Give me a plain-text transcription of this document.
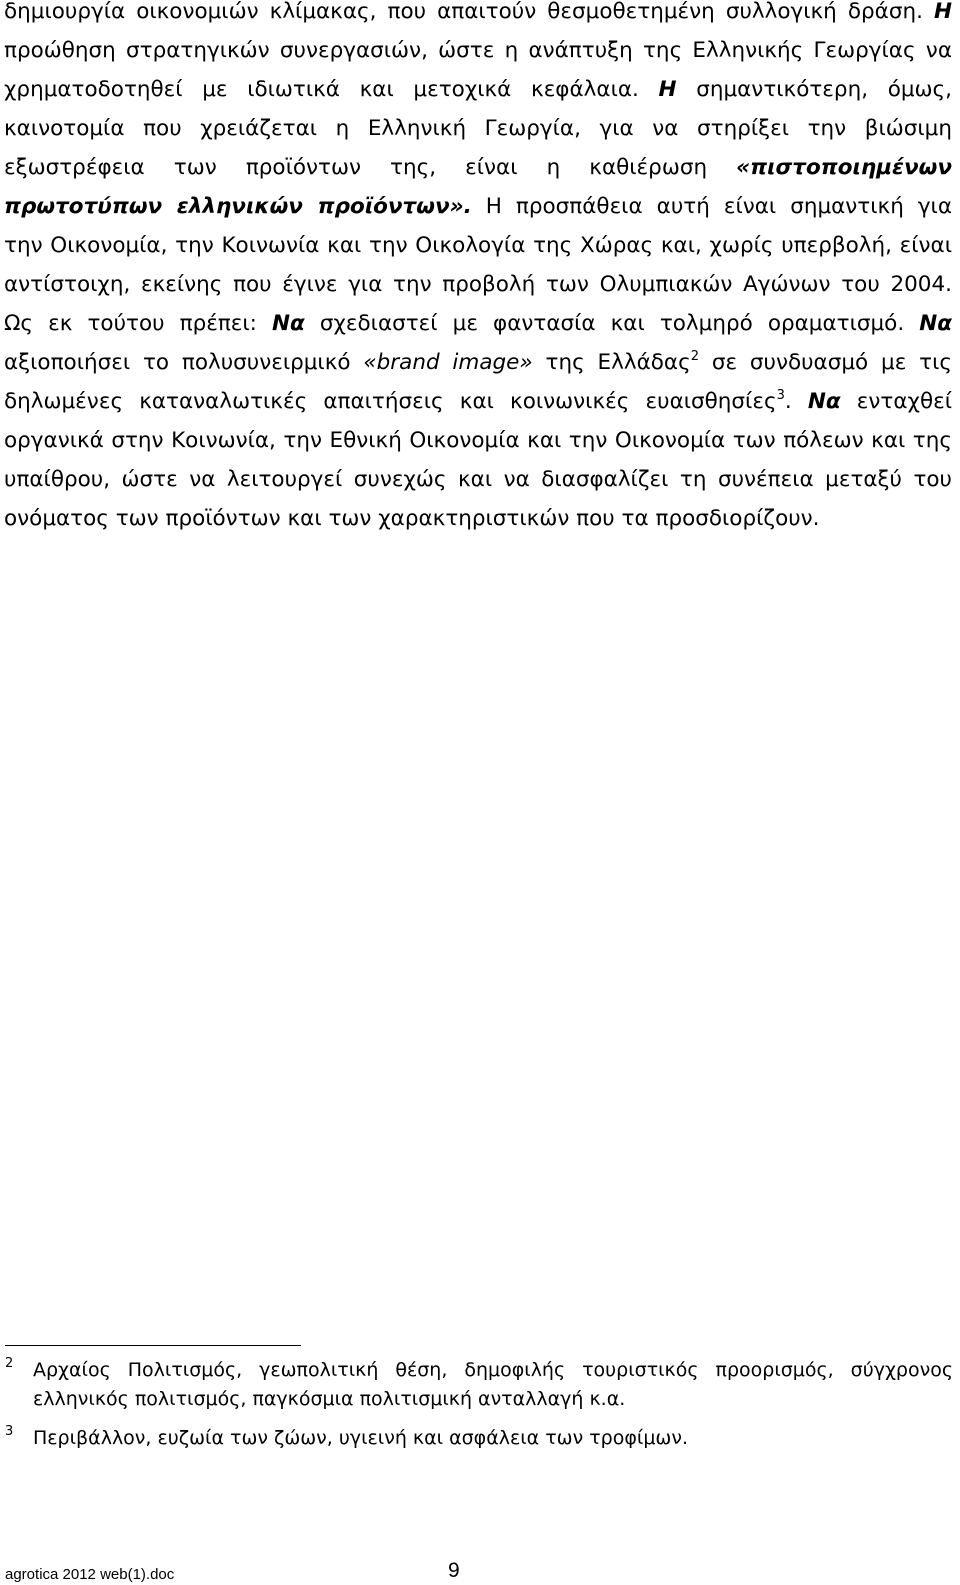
δημιουργία οικονομιών κλίμακας, που απαιτούν θεσμοθετημένη συλλογική δράση. Η
προώθηση στρατηγικών συνεργασιών, ώστε η ανάπτυξη της Ελληνικής Γεωργίας να
χρηματοδοτηθεί με ιδιωτικά και μετοχικά κεφάλαια. Η σημαντικότερη, όμως,
καινοτομία που χρειάζεται η Ελληνική Γεωργία, για να στηρίξει την βιώσιμη
εξωστρέφεια των προϊόντων της, είναι η καθιέρωση «πιστοποιημένων
πρωτοτύπων ελληνικών προϊόντων». Η προσπάθεια αυτή είναι σημαντική για
την Οικονομία, την Κοινωνία και την Οικολογία της Χώρας και, χωρίς υπερβολή, είναι
αντίστοιχη, εκείνης που έγινε για την προβολή των Ολυμπιακών Αγώνων του 2004.
Ως εκ τούτου πρέπει: Να σχεδιαστεί με φαντασία και τολμηρό οραματισμό. Να
αξιοποιήσει το πολυσυνειρμικό «brand image» της Ελλάδας$^2$ σε συνδυασμό με τις
δηλωμένες καταναλωτικές απαιτήσεις και κοινωνικές ευαισθησίες$^3$. Να ενταχθεί
οργανικά στην Κοινωνία, την Εθνική Οικονομία και την Οικονομία των πόλεων και της
υπαίθρου, ώστε να λειτουργεί συνεχώς και να διασφαλίζει τη συνέπεια μεταξύ του
ονόματος των προϊόντων και των χαρακτηριστικών που τα προσδιορίζουν.
2 Αρχαίος Πολιτισμός, γεωπολιτική θέση, δημοφιλής τουριστικός προορισμός, σύγχρονος
ελληνικός πολιτισμός, παγκόσμια πολιτισμική ανταλλαγή κ.α.
3 Περιβάλλον, ευζωία των ζώων, υγιεινή και ασφάλεια των τροφίμων.
agrotica 2012 web(1).doc	9
